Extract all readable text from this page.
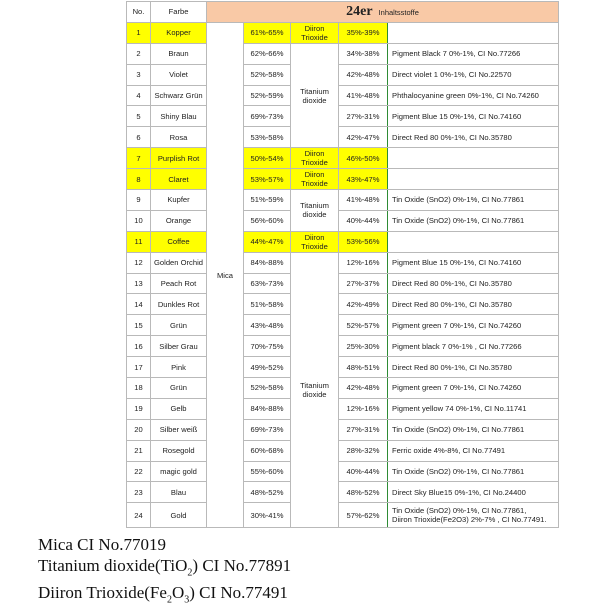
No.	Farbe	24er Inhaltsstoffe				
1	Kopper	Mica	61%-65%	Diiron Trioxide	35%-39%	
2	Braun		62%-66%	Titanium dioxide	34%-38%	Pigment Black 7 0%-1%, CI No.77266
3	Violet		52%-58%		42%-48%	Direct violet 1 0%-1%, CI No.22570
4	Schwarz Grün		52%-59%		41%-48%	Phthalocyanine green 0%-1%, CI No.74260
5	Shiny Blau		69%-73%		27%-31%	Pigment Blue 15 0%-1%, CI No.74160
6	Rosa		53%-58%		42%-47%	Direct Red 80 0%-1%, CI No.35780
7	Purplish Rot		50%-54%	Diiron Trioxide	46%-50%	
8	Claret		53%-57%	Diiron Trioxide	43%-47%	
9	Kupfer		51%-59%	Titanium dioxide	41%-48%	Tin Oxide (SnO2) 0%-1%, CI No.77861
10	Orange		56%-60%		40%-44%	Tin Oxide (SnO2) 0%-1%, CI No.77861
11	Coffee		44%-47%	Diiron Trioxide	53%-56%	
12	Golden Orchid		84%-88%	Titanium dioxide	12%-16%	Pigment Blue 15 0%-1%, CI No.74160
13	Peach Rot		63%-73%		27%-37%	Direct Red 80 0%-1%, CI No.35780
14	Dunkles Rot		51%-58%		42%-49%	Direct Red 80 0%-1%, CI No.35780
15	Grün		43%-48%		52%-57%	Pigment green 7 0%-1%, CI No.74260
16	Silber Grau		70%-75%		25%-30%	Pigment black 7 0%-1% , CI No.77266
17	Pink		49%-52%		48%-51%	Direct Red 80 0%-1%, CI No.35780
18	Grün		52%-58%		42%-48%	Pigment green 7 0%-1%, CI No.74260
19	Gelb		84%-88%		12%-16%	Pigment yellow 74 0%-1%, CI No.11741
20	Silber weiß		69%-73%		27%-31%	Tin Oxide (SnO2) 0%-1%, CI No.77861
21	Rosegold		60%-68%		28%-32%	Ferric oxide 4%-8%, CI No.77491
22	magic gold		55%-60%		40%-44%	Tin Oxide (SnO2) 0%-1%, CI No.77861
23	Blau		48%-52%		48%-52%	Direct Sky Blue15 0%-1%, CI No.24400
24	Gold		30%-41%		57%-62%	Tin Oxide (SnO2) 0%-1%, CI No.77861,
Diiron Trioxide(Fe2O3) 2%-7% , CI No.77491.
Mica CI No.77019
Titanium dioxide(TiO$_2$) CI No.77891
Diiron $Trioxide(Fe_2O_3)$ CI No.77491
